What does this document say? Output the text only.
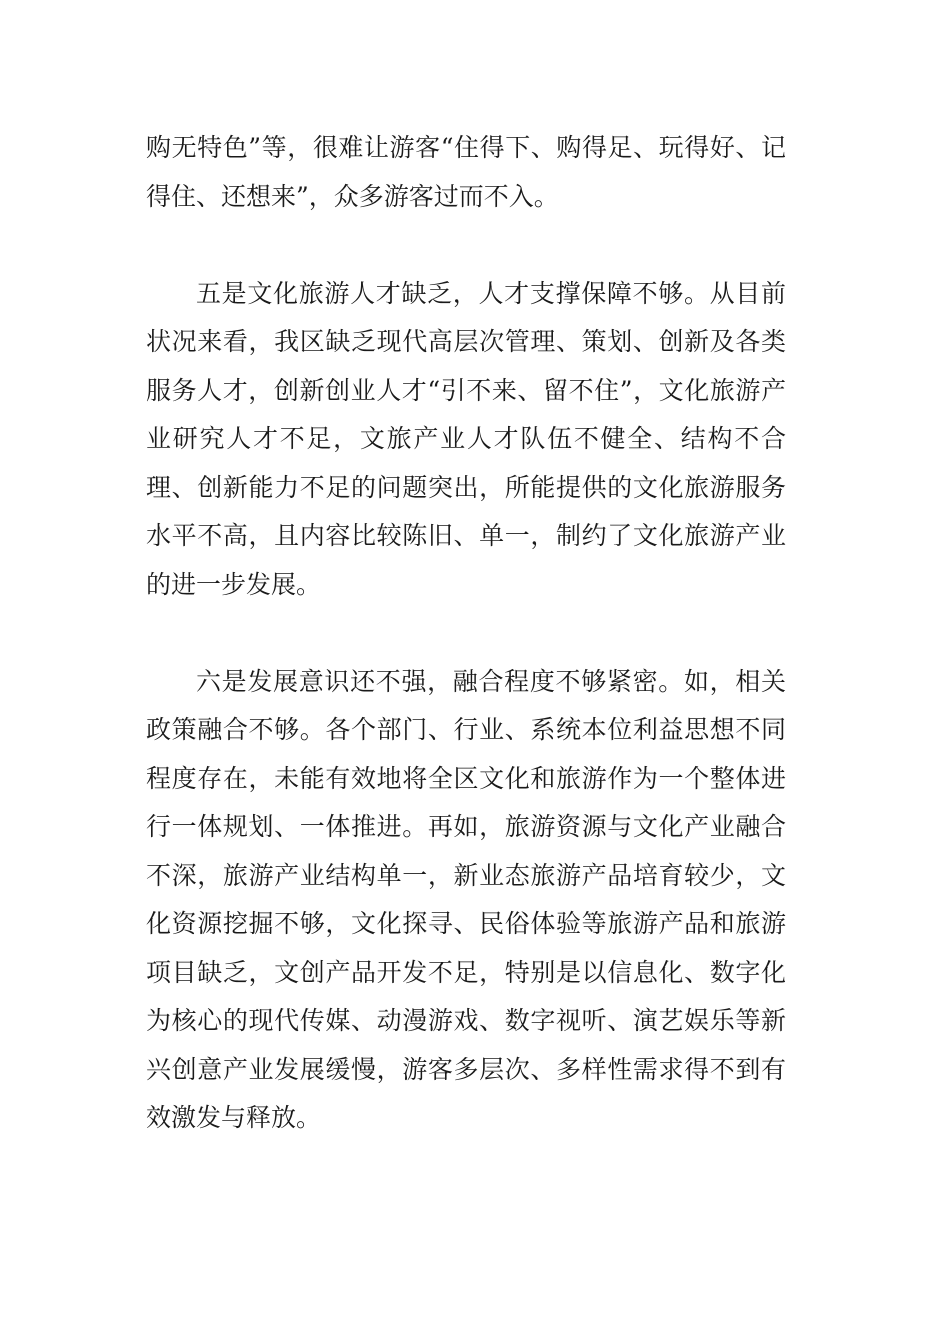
购无特色”等，很难让游客“住得下、购得足、玩得好、记得住、还想来”，众多游客过而不入。

五是文化旅游人才缺乏，人才支撑保障不够。从目前状况来看，我区缺乏现代高层次管理、策划、创新及各类服务人才，创新创业人才“引不来、留不住”，文化旅游产业研究人才不足，文旅产业人才队伍不健全、结构不合理、创新能力不足的问题突出，所能提供的文化旅游服务水平不高，且内容比较陈旧、单一，制约了文化旅游产业的进一步发展。

六是发展意识还不强，融合程度不够紧密。如，相关政策融合不够。各个部门、行业、系统本位利益思想不同程度存在，未能有效地将全区文化和旅游作为一个整体进行一体规划、一体推进。再如，旅游资源与文化产业融合不深，旅游产业结构单一，新业态旅游产品培育较少，文化资源挖掘不够，文化探寻、民俗体验等旅游产品和旅游项目缺乏，文创产品开发不足，特别是以信息化、数字化为核心的现代传媒、动漫游戏、数字视听、演艺娱乐等新兴创意产业发展缓慢，游客多层次、多样性需求得不到有效激发与释放。
